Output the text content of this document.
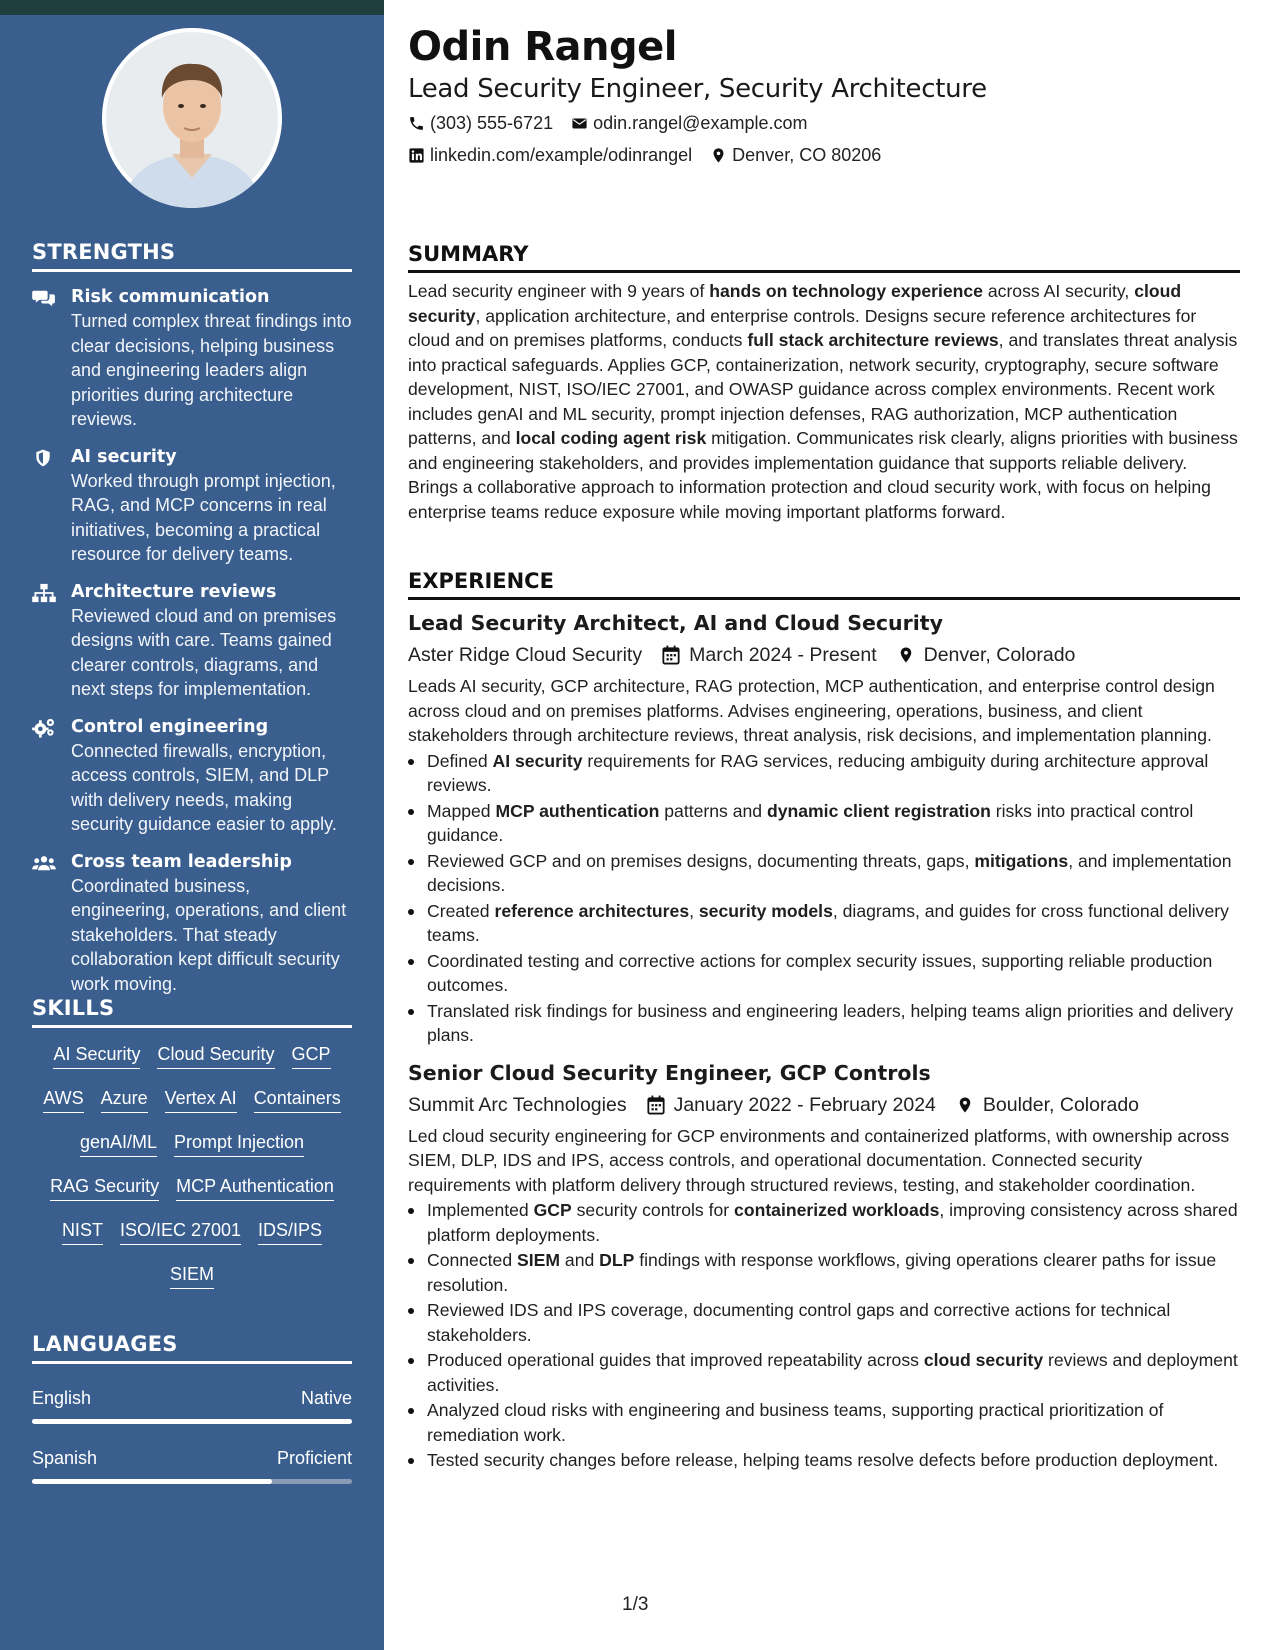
STRENGTHS
Risk communication
Turned complex threat findings into clear decisions, helping business and engineering leaders align priorities during architecture reviews.
AI security
Worked through prompt injection, RAG, and MCP concerns in real initiatives, becoming a practical resource for delivery teams.
Architecture reviews
Reviewed cloud and on premises designs with care. Teams gained clearer controls, diagrams, and next steps for implementation.
Control engineering
Connected firewalls, encryption, access controls, SIEM, and DLP with delivery needs, making security guidance easier to apply.
Cross team leadership
Coordinated business, engineering, operations, and client stakeholders. That steady collaboration kept difficult security work moving.
SKILLS
AI Security Cloud Security GCP
AWS Azure Vertex AI Containers
genAI/ML Prompt Injection
RAG Security MCP Authentication
NIST ISO/IEC 27001 IDS/IPS
SIEM
LANGUAGES
English	Native
Spanish	Proficient
Odin Rangel
Lead Security Engineer, Security Architecture
(303) 555-6721 odin.rangel@example.com
linkedin.com/example/odinrangel Denver, CO 80206
SUMMARY
Lead security engineer with 9 years of hands on technology experience across AI security, cloud security, application architecture, and enterprise controls. Designs secure reference architectures for cloud and on premises platforms, conducts full stack architecture reviews, and translates threat analysis into practical safeguards. Applies GCP, containerization, network security, cryptography, secure software development, NIST, ISO/IEC 27001, and OWASP guidance across complex environments. Recent work includes genAI and ML security, prompt injection defenses, RAG authorization, MCP authentication patterns, and local coding agent risk mitigation. Communicates risk clearly, aligns priorities with business and engineering stakeholders, and provides implementation guidance that supports reliable delivery. Brings a collaborative approach to information protection and cloud security work, with focus on helping enterprise teams reduce exposure while moving important platforms forward.
EXPERIENCE
Lead Security Architect, AI and Cloud Security
Aster Ridge Cloud Security March 2024 - Present Denver, Colorado
Leads AI security, GCP architecture, RAG protection, MCP authentication, and enterprise control design across cloud and on premises platforms. Advises engineering, operations, business, and client stakeholders through architecture reviews, threat analysis, risk decisions, and implementation planning.
Defined AI security requirements for RAG services, reducing ambiguity during architecture approval reviews.
Mapped MCP authentication patterns and dynamic client registration risks into practical control guidance.
Reviewed GCP and on premises designs, documenting threats, gaps, mitigations, and implementation decisions.
Created reference architectures, security models, diagrams, and guides for cross functional delivery teams.
Coordinated testing and corrective actions for complex security issues, supporting reliable production outcomes.
Translated risk findings for business and engineering leaders, helping teams align priorities and delivery plans.
Senior Cloud Security Engineer, GCP Controls
Summit Arc Technologies January 2022 - February 2024 Boulder, Colorado
Led cloud security engineering for GCP environments and containerized platforms, with ownership across SIEM, DLP, IDS and IPS, access controls, and operational documentation. Connected security requirements with platform delivery through structured reviews, testing, and stakeholder coordination.
Implemented GCP security controls for containerized workloads, improving consistency across shared platform deployments.
Connected SIEM and DLP findings with response workflows, giving operations clearer paths for issue resolution.
Reviewed IDS and IPS coverage, documenting control gaps and corrective actions for technical stakeholders.
Produced operational guides that improved repeatability across cloud security reviews and deployment activities.
Analyzed cloud risks with engineering and business teams, supporting practical prioritization of remediation work.
Tested security changes before release, helping teams resolve defects before production deployment.
1/3
